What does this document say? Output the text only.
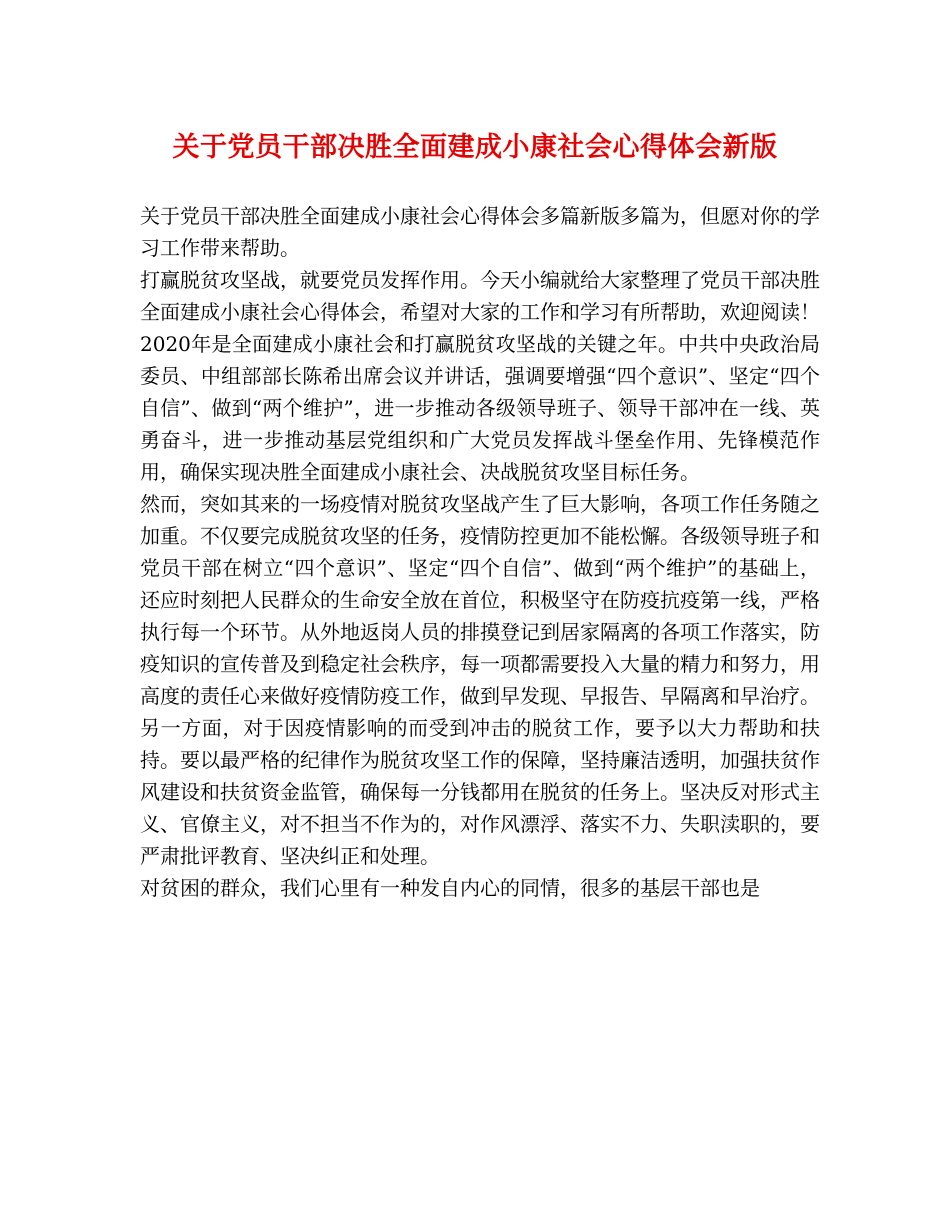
关于党员干部决胜全面建成小康社会心得体会新版

关于党员干部决胜全面建成小康社会心得体会多篇新版多篇为，但愿对你的学习工作带来帮助。

打赢脱贫攻坚战，就要党员发挥作用。今天小编就给大家整理了党员干部决胜全面建成小康社会心得体会，希望对大家的工作和学习有所帮助，欢迎阅读！

2020年是全面建成小康社会和打赢脱贫攻坚战的关键之年。中共中央政治局委员、中组部部长陈希出席会议并讲话，强调要增强“四个意识”、坚定“四个自信”、做到“两个维护”，进一步推动各级领导班子、领导干部冲在一线、英勇奋斗，进一步推动基层党组织和广大党员发挥战斗堡垒作用、先锋模范作用，确保实现决胜全面建成小康社会、决战脱贫攻坚目标任务。

然而，突如其来的一场疫情对脱贫攻坚战产生了巨大影响，各项工作任务随之加重。不仅要完成脱贫攻坚的任务，疫情防控更加不能松懈。各级领导班子和党员干部在树立“四个意识”、坚定“四个自信”、做到“两个维护”的基础上，还应时刻把人民群众的生命安全放在首位，积极坚守在防疫抗疫第一线，严格执行每一个环节。从外地返岗人员的排摸登记到居家隔离的各项工作落实，防疫知识的宣传普及到稳定社会秩序，每一项都需要投入大量的精力和努力，用高度的责任心来做好疫情防疫工作，做到早发现、早报告、早隔离和早治疗。另一方面，对于因疫情影响的而受到冲击的脱贫工作，要予以大力帮助和扶持。要以最严格的纪律作为脱贫攻坚工作的保障，坚持廉洁透明，加强扶贫作风建设和扶贫资金监管，确保每一分钱都用在脱贫的任务上。坚决反对形式主义、官僚主义，对不担当不作为的，对作风漂浮、落实不力、失职渎职的，要严肃批评教育、坚决纠正和处理。

对贫困的群众，我们心里有一种发自内心的同情，很多的基层干部也是
